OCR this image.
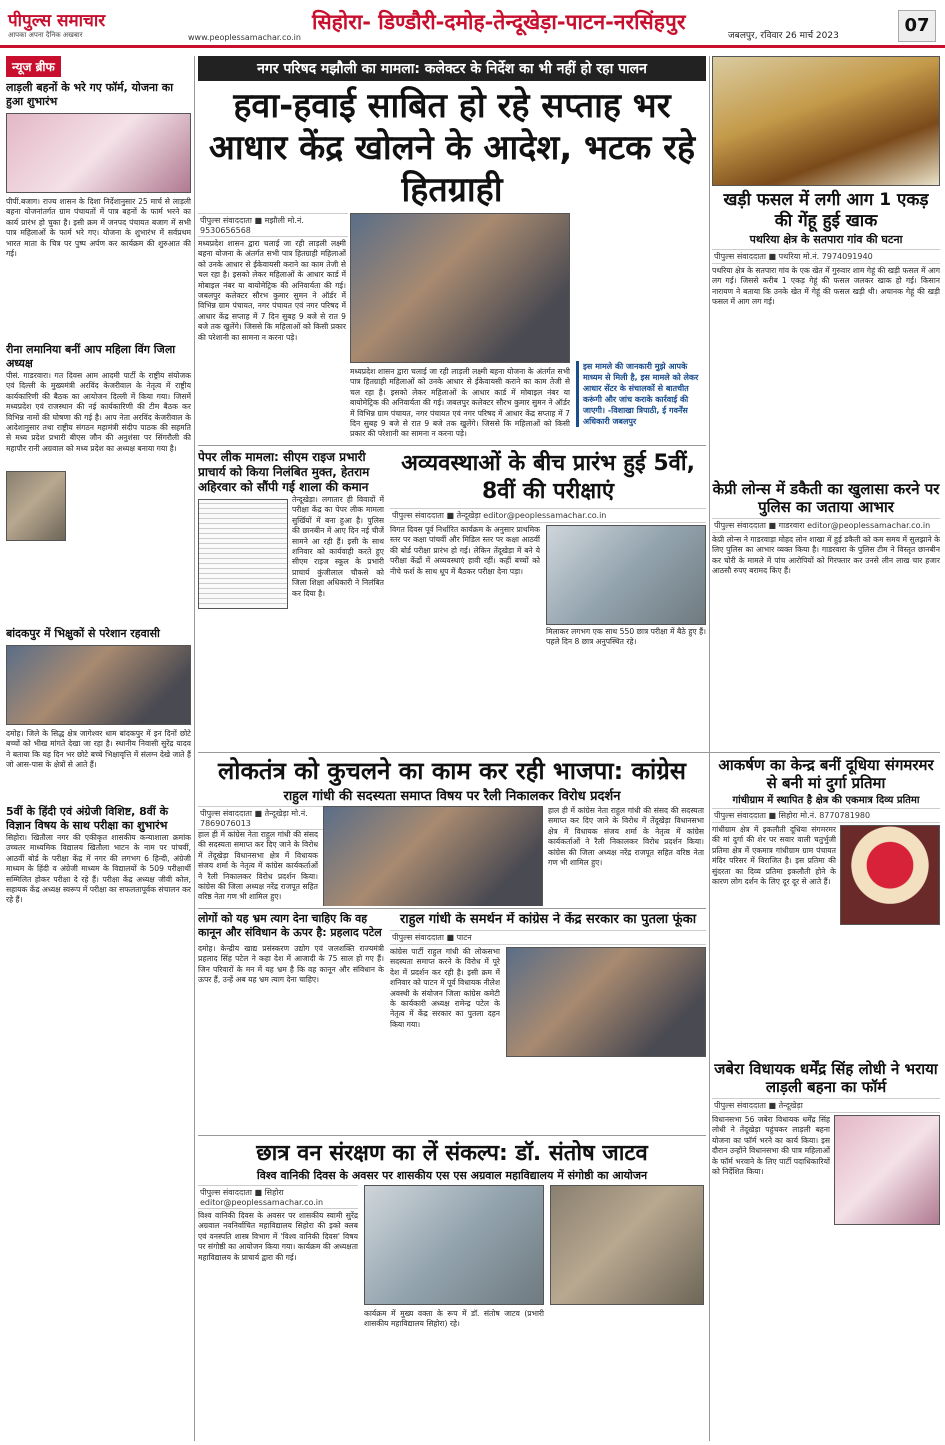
पीपुल्स समाचार
आपका अपना दैनिक अखबार	www.peoplessamachar.co.in
सिहोरा- डिण्डौरी-दमोह-तेन्दूखेड़ा-पाटन-नरसिंहपुर
जबलपुर, रविवार 26 मार्च 2023	07
न्यूज ब्रीफ
लाड़ली बहनों के भरे गए फॉर्म, योजना का हुआ शुभारंभ
पीपीं.बजाग। राज्य शासन के दिशा निर्देशानुसार 25 मार्च से लाड़ली बहना योजनांतर्गत ग्राम पंचायतों में पात्र बहनों के फार्म भरने का कार्य प्रारंभ हो चुका है। इसी क्रम में जनपद पंचायत बजाग में सभी पात्र महिलाओं के फार्म भरे गए। योजना के शुभारंभ में सर्वप्रथम भारत माता के चित्र पर पुष्प अर्पण कर कार्यक्रम की शुरुआत की गई।
रीना लमानिया बनीं आप महिला विंग जिला अध्यक्ष
पीसं. गाडरवारा। गत दिवस आम आदमी पार्टी के राष्ट्रीय संयोजक एवं दिल्ली के मुख्यमंत्री अरविंद केजरीवाल के नेतृत्व में राष्ट्रीय कार्यकारिणी की बैठक का आयोजन दिल्ली में किया गया। जिसमें मध्यप्रदेश एवं राजस्थान की नई कार्यकारिणी की टीम बैठक कर विभिन्न नामों की घोषणा की गई है। आप नेता अरविंद केजरीवाल के आदेशानुसार तथा राष्ट्रीय संगठन महामंत्री संदीप पाठक की सहमति से मध्य प्रदेश प्रभारी बीएस जौन की अनुशंसा पर सिंगरौली की महापौर रानी अग्रवाल को मध्य प्रदेश का अध्यक्ष बनाया गया है।
बांदकपुर में भिक्षुकों से परेशान रहवासी
दमोह। जिले के सिद्ध क्षेत्र जागेश्वर धाम बांदकपुर में इन दिनों छोटे बच्चों को भीख मांगते देखा जा रहा है। स्थानीय निवासी सुरेंद्र यादव ने बताया कि यह दिन भर छोटे बच्चे भिक्षावृत्ति में संलग्न देखे जाते हैं जो आस-पास के क्षेत्रों से आते हैं।
5वीं के हिंदी एवं अंग्रेजी विशिष्ट, 8वीं के विज्ञान विषय के साथ परीक्षा का शुभारंभ
सिहोरा। खितौला नगर की एकीकृत शासकीय कन्याशाला क्रमांक उच्चतर माध्यमिक विद्यालय खितौला भाटन के नाम पर पांचवीं, आठवीं बोर्ड के परीक्षा केंद्र में नगर की लगभग 6 हिन्दी, अंग्रेजी माध्यम के हिंदी व अंग्रेजी माध्यम के विद्यालयों के 509 परीक्षार्थी सम्मिलित होकर परीक्षा दे रहे हैं। परीक्षा केंद्र अध्यक्ष जीवी कोल, सहायक केंद्र अध्यक्ष स्वरूप में परीक्षा का सफलतापूर्वक संचालन कर रहे हैं।
नगर परिषद मझौली का मामला: कलेक्टर के निर्देश का भी नहीं हो रहा पालन
हवा-हवाई साबित हो रहे सप्ताह भर आधार केंद्र खोलने के आदेश, भटक रहे हितग्राही
पीपुल्स संवाददाता ■ मझौली मो.नं. 9530656568
मध्यप्रदेश शासन द्वारा चलाई जा रही लाड़ली लक्ष्मी बहना योजना के अंतर्गत सभी पात्र हितग्राही महिलाओं को उनके आधार से ईकेवायसी कराने का काम तेजी से चल रहा है। इसको लेकर महिलाओं के आधार कार्ड में मोबाइल नंबर या बायोमेट्रिक की अनिवार्यता की गई। जबलपुर कलेक्टर सौरभ कुमार सुमन ने ऑर्डर में विभिन्न ग्राम पंचायत, नगर पंचायत एवं नगर परिषद में आधार केंद्र सप्ताह में 7 दिन सुबह 9 बजे से रात 9 बजे तक खुलेंगे। जिससे कि महिलाओं को किसी प्रकार की परेशानी का सामना न करना पड़े।
मध्यप्रदेश शासन द्वारा चलाई जा रही लाड़ली लक्ष्मी बहना योजना के अंतर्गत सभी पात्र हितग्राही महिलाओं को उनके आधार से ईकेवायसी कराने का काम तेजी से चल रहा है। इसको लेकर महिलाओं के आधार कार्ड में मोबाइल नंबर या बायोमेट्रिक की अनिवार्यता की गई। जबलपुर कलेक्टर सौरभ कुमार सुमन ने ऑर्डर में विभिन्न ग्राम पंचायत, नगर पंचायत एवं नगर परिषद में आधार केंद्र सप्ताह में 7 दिन सुबह 9 बजे से रात 9 बजे तक खुलेंगे। जिससे कि महिलाओं को किसी प्रकार की परेशानी का सामना न करना पड़े।
इस मामले की जानकारी मुझे आपके माध्यम से मिली है, इस मामले को लेकर आधार सेंटर के संचालकों से बातचीत करूंगी और जांच कराके कार्रवाई की जाएगी। -विशाखा त्रिपाठी, ई गवर्नेंस अधिकारी जबलपुर
खड़ी फसल में लगी आग 1 एकड़ की गेंहू हुई खाक
पथरिया क्षेत्र के सतपारा गांव की घटना
पीपुल्स संवाददाता ■ पथरिया मो.नं. 7974091940
पथरिया क्षेत्र के सतपारा गांव के एक खेत में गुरुवार शाम गेहूं की खड़ी फसल में आग लग गई। जिससे करीब 1 एकड़ गेहूं की फसल जलकर खाक हो गई। किसान नारायण ने बताया कि उनके खेत में गेहूं की फसल खड़ी थी। अचानक गेहूं की खड़ी फसल में आग लग गई।
पेपर लीक मामला: सीएम राइज प्रभारी प्राचार्य को किया निलंबित मुक्त, हेतराम अहिरवार को सौंपी गई शाला की कमान
तेन्दूखेड़ा। लगातार ही विवादों में परीक्षा केंद्र का पेपर लीक मामला सुर्खियों में बना हुआ है। पुलिस की छानबीन में आए दिन नई चीजें सामने आ रही हैं। इसी के साथ शनिवार को कार्यवाही करते हुए सीएम राइज स्कूल के प्रभारी प्राचार्य कुंजीलाल चौकसे को जिला शिक्षा अधिकारी ने निलंबित कर दिया है।
अव्यवस्थाओं के बीच प्रारंभ हुई 5वीं, 8वीं की परीक्षाएं
पीपुल्स संवाददाता ■ तेन्दूखेड़ा editor@peoplessamachar.co.in
विगत दिवस पूर्व निर्धारित कार्यक्रम के अनुसार प्राथमिक स्तर पर कक्षा पांचवीं और मिडिल स्तर पर कक्षा आठवीं की बोर्ड परीक्षा प्रारंभ हो गई। लेकिन तेंदूखेड़ा में बने ये परीक्षा केंद्रों में अव्यवस्थाएं हावी रहीं। कहीं बच्चों को नीचे फर्श के साथ धूप में बैठकर परीक्षा देना पड़ा।
मिलाकर लगभग एक साथ 550 छात्र परीक्षा में बैठे हुए हैं। पहले दिन 8 छात्र अनुपस्थित रहे।
केप्री लोन्स में डकैती का खुलासा करने पर पुलिस का जताया आभार
पीपुल्स संवाददाता ■ गाडरवारा editor@peoplessamachar.co.in
केप्री लोन्स ने गाडरवाड़ा मोहद लोन शाखा में हुई डकैती को कम समय में सुलझाने के लिए पुलिस का आभार व्यक्त किया है। गाडरवारा के पुलिस टीम ने विस्तृत छानबीन कर चोरी के मामले में पांच आरोपियों को गिरफ्तार कर उनसे लीन लाख चार हजार आठसौ रुपए बरामद किए हैं।
लोकतंत्र को कुचलने का काम कर रही भाजपा: कांग्रेस
राहुल गांधी की सदस्यता समाप्त विषय पर रैली निकालकर विरोध प्रदर्शन
पीपुल्स संवाददाता ■ तेन्दूखेड़ा मो.नं. 7869076013
हाल ही में कांग्रेस नेता राहुल गांधी की संसद की सदस्यता समाप्त कर दिए जाने के विरोध में तेंदूखेड़ा विधानसभा क्षेत्र में विधायक संजय शर्मा के नेतृत्व में कांग्रेस कार्यकर्ताओं ने रैली निकालकर विरोध प्रदर्शन किया। कांग्रेस की जिला अध्यक्ष नरेंद्र राजपूत सहित वरिष्ठ नेता गण भी शामिल हुए।
हाल ही में कांग्रेस नेता राहुल गांधी की संसद की सदस्यता समाप्त कर दिए जाने के विरोध में तेंदूखेड़ा विधानसभा क्षेत्र में विधायक संजय शर्मा के नेतृत्व में कांग्रेस कार्यकर्ताओं ने रैली निकालकर विरोध प्रदर्शन किया। कांग्रेस की जिला अध्यक्ष नरेंद्र राजपूत सहित वरिष्ठ नेता गण भी शामिल हुए।
आकर्षण का केन्द्र बनीं दूधिया संगमरमर से बनी मां दुर्गा प्रतिमा
गांधीग्राम में स्थापित है क्षेत्र की एकमात्र दिव्य प्रतिमा
पीपुल्स संवाददाता ■ सिहोरा मो.नं. 8770781980
गांधीग्राम क्षेत्र में इकलौती दूधिया संगमरमर की मां दुर्गा की शेर पर सवार वाली चतुर्भुजी प्रतिमा क्षेत्र में एकमात्र गांधीग्राम ग्राम पंचायत मंदिर परिसर में विराजित है। इस प्रतिमा की सुंदरता का दिव्य प्रतिमा इकलौती होने के कारण लोग दर्शन के लिए दूर दूर से आते हैं।
लोगों को यह भ्रम त्याग देना चाहिए कि वह कानून और संविधान के ऊपर है: प्रहलाद पटेल
दमोह। केन्द्रीय खाद्य प्रसंस्करण उद्योग एवं जलशक्ति राज्यमंत्री प्रहलाद सिंह पटेल ने कहा देश में आजादी के 75 साल हो गए हैं। जिन परिवारों के मन में यह भ्रम है कि वह कानून और संविधान के ऊपर हैं, उन्हें अब यह भ्रम त्याग देना चाहिए।
राहुल गांधी के समर्थन में कांग्रेस ने केंद्र सरकार का पुतला फूंका
पीपुल्स संवाददाता ■ पाटन
कांग्रेस पार्टी राहुल गांधी की लोकसभा सदस्यता समाप्त करने के विरोध में पूरे देश में प्रदर्शन कर रही है। इसी क्रम में शनिवार को पाटन में पूर्व विधायक नीलेश अवस्थी के संयोजन जिला कांग्रेस कमेटी के कार्यकारी अध्यक्ष रामेन्द्र पटेल के नेतृत्व में केंद्र सरकार का पुतला दहन किया गया।
जबेरा विधायक धर्मेंद्र सिंह लोधी ने भराया लाड़ली बहना का फॉर्म
पीपुल्स संवाददाता ■ तेन्दूखेड़ा
विधानसभा 56 जबेरा विधायक धर्मेंद्र सिंह लोधी ने तेंदूखेड़ा पहुंचकर लाड़ली बहना योजना का फॉर्म भरने का कार्य किया। इस दौरान उन्होंने विधानसभा की पात्र महिलाओं के फॉर्म भरवाने के लिए पार्टी पदाधिकारियों को निर्देशित किया।
छात्र वन संरक्षण का लें संकल्प: डॉ. संतोष जाटव
विश्व वानिकी दिवस के अवसर पर शासकीय एस एस अग्रवाल महाविद्यालय में संगोष्ठी का आयोजन
पीपुल्स संवाददाता ■ सिहोरा editor@peoplessamachar.co.in
विश्व वानिकी दिवस के अवसर पर शासकीय स्वामी सुरेंद्र अग्रवाल नवनिर्वाचित महाविद्यालय सिहोरा की इको क्लब एवं वनस्पति शास्त्र विभाग में 'विश्व वानिकी दिवस' विषय पर संगोष्ठी का आयोजन किया गया। कार्यक्रम की अध्यक्षता महाविद्यालय के प्राचार्य द्वारा की गई।
कार्यक्रम में मुख्य वक्ता के रूप में डॉ. संतोष जाटव (प्रभारी शासकीय महाविद्यालय सिहोरा) रहे।
